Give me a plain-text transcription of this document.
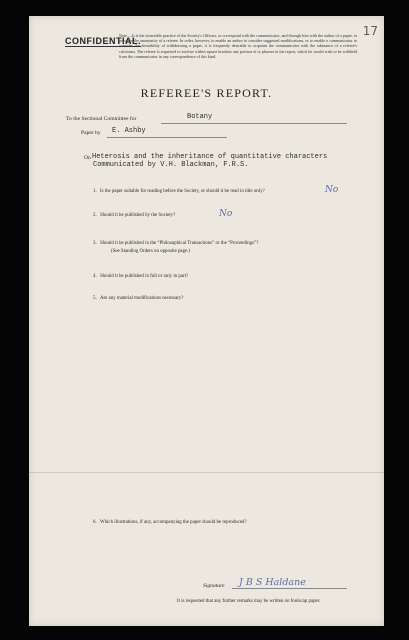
17
CONFIDENTIAL.
Note.—It is the invariable practice of the Society's Officers, to correspond with the communicator, and through him with the author of a paper, to preserve the anonymity of a referee. In order, however, to enable an author to consider suggested modifications, or to enable a communicator to consider the desirability of withdrawing a paper, it is frequently desirable to acquaint the communicator with the substance of a referee's criticisms. The referee is requested to enclose within square brackets any portion of or phrases in his report, which he would wish to be withheld from the communicator in any correspondence of this kind.
REFEREE'S REPORT.
To the Sectional Committee for	Botany
Paper by E. Ashby
On Heterosis and the inheritance of quantitative characters
Communicated by V.H. Blackman, F.R.S.
1. Is the paper suitable for reading before the Society, or should it be read in title only?	No
2. Should it be published by the Society?	No
3. Should it be published in the “Philosophical Transactions” or the “Proceedings”?
(See Standing Orders on opposite page.)
4. Should it be published in full or only in part?
5. Are any material modifications necessary?
6. Which illustrations, if any, accompanying the paper should be reproduced?
Signature J B S Haldane
It is requested that any further remarks may be written on foolscap paper.
